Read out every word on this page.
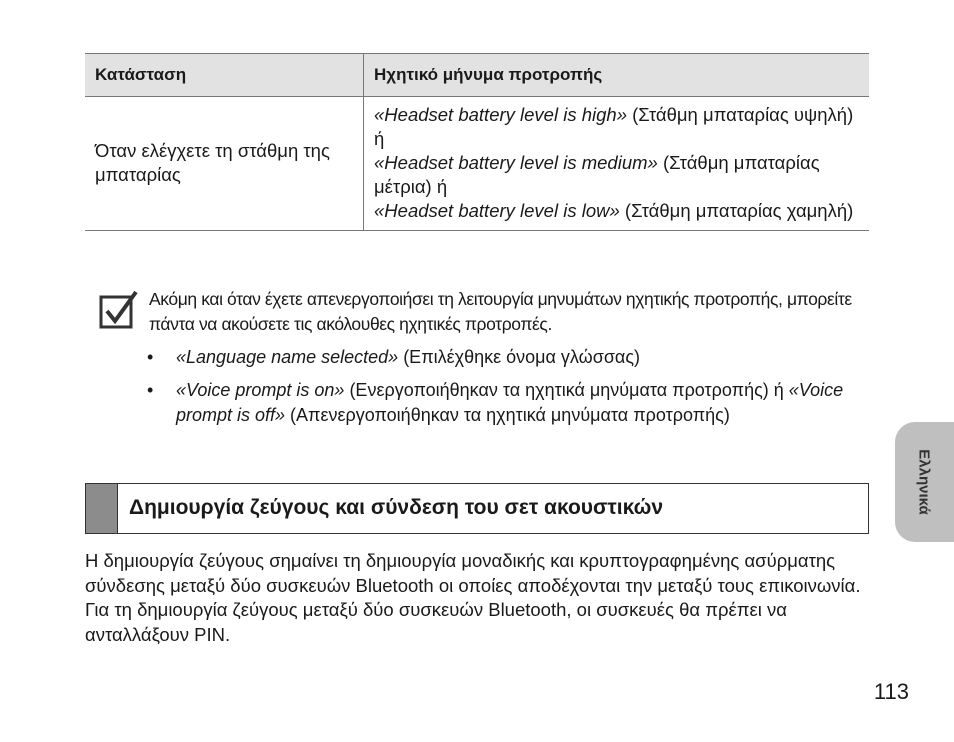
Κατάσταση	Ηχητικό μήνυμα προτροπής
Όταν ελέγχετε τη στάθμη της μπαταρίας	«Headset battery level is high» (Στάθμη μπαταρίας υψηλή) ή
«Headset battery level is medium» (Στάθμη μπαταρίας μέτρια) ή
«Headset battery level is low» (Στάθμη μπαταρίας χαμηλή)
Ακόμη και όταν έχετε απενεργοποιήσει τη λειτουργία μηνυμάτων ηχητικής προτροπής, μπορείτε πάντα να ακούσετε τις ακόλουθες ηχητικές προτροπές.
• «Language name selected» (Επιλέχθηκε όνομα γλώσσας)
• «Voice prompt is on» (Ενεργοποιήθηκαν τα ηχητικά μηνύματα προτροπής) ή «Voice prompt is off» (Απενεργοποιήθηκαν τα ηχητικά μηνύματα προτροπής)
Δημιουργία ζεύγους και σύνδεση του σετ ακουστικών
Η δημιουργία ζεύγους σημαίνει τη δημιουργία μοναδικής και κρυπτογραφημένης ασύρματης σύνδεσης μεταξύ δύο συσκευών Bluetooth οι οποίες αποδέχονται την μεταξύ τους επικοινωνία. Για τη δημιουργία ζεύγους μεταξύ δύο συσκευών Bluetooth, οι συσκευές θα πρέπει να ανταλλάξουν PIN.
Ελληνικά
113
